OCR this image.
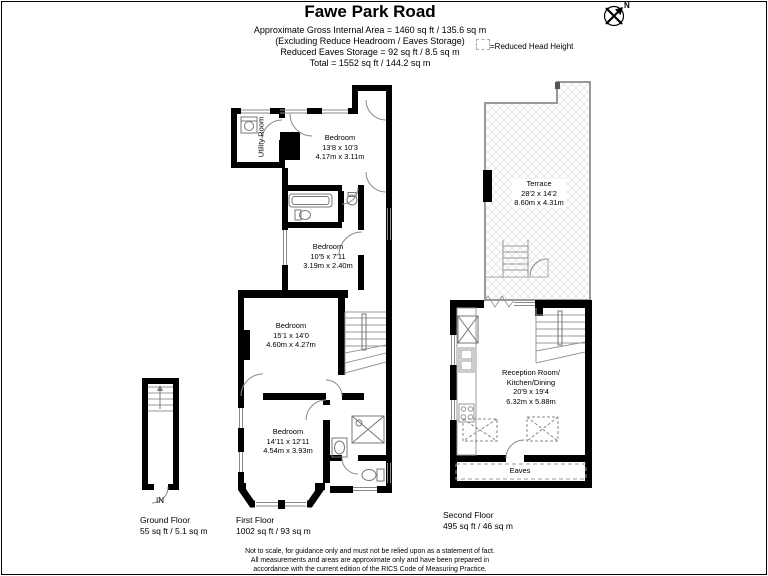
Fawe Park Road
Approximate Gross Internal Area = 1460 sq ft / 135.6 sq m
(Excluding Reduce Headroom / Eaves Storage)
Reduced Eaves Storage = 92 sq ft / 8.5 sq m
Total = 1552 sq ft / 144.2 sq m
=Reduced Head Height
N
Utility Room	Bedroom
13'8 x 10'3
4.17m x 3.11m
Bedroom
10'5 x 7'11
3.19m x 2.40m
Bedroom
15'1 x 14'0
4.60m x 4.27m
Bedroom
14'11 x 12'11
4.54m x 3.93m
Terrace
28'2 x 14'2
8.60m x 4.31m
Reception Room/
Kitchen/Dining
20'9 x 19'4
6.32m x 5.88m
Eaves
IN
Ground Floor
55 sq ft / 5.1 sq m
First Floor
1002 sq ft / 93 sq m
Second Floor
495 sq ft / 46 sq m
Not to scale, for guidance only and must not be relied upon as a statement of fact.
All measurements and areas are approximate only and have been prepared in
accordance with the current edition of the RICS Code of Measuring Practice.
